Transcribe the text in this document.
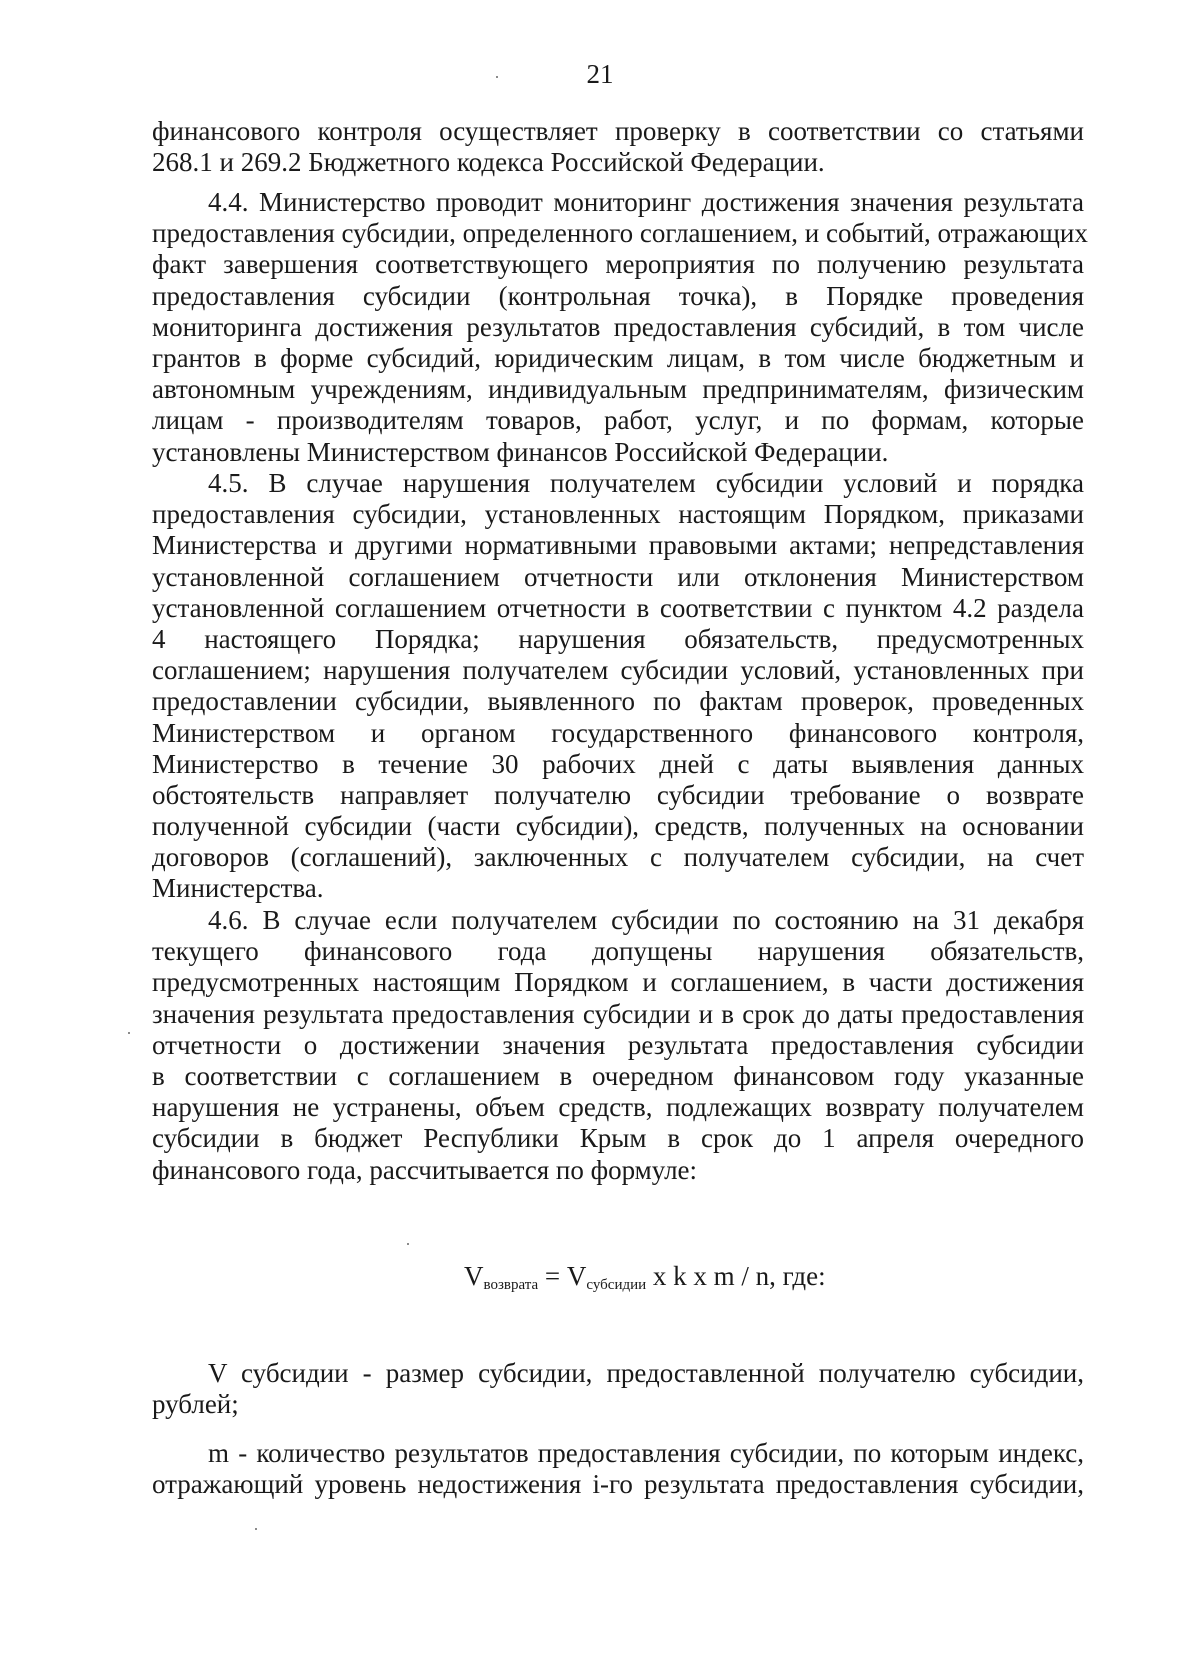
21
финансового контроля осуществляет проверку в соответствии со статьями
268.1 и 269.2 Бюджетного кодекса Российской Федерации.
4.4. Министерство проводит мониторинг достижения значения результата
предоставления субсидии, определенного соглашением, и событий, отражающих
факт завершения соответствующего мероприятия по получению результата
предоставления субсидии (контрольная точка), в Порядке проведения
мониторинга достижения результатов предоставления субсидий, в том числе
грантов в форме субсидий, юридическим лицам, в том числе бюджетным и
автономным учреждениям, индивидуальным предпринимателям, физическим
лицам - производителям товаров, работ, услуг, и по формам, которые
установлены Министерством финансов Российской Федерации.
4.5. В случае нарушения получателем субсидии условий и порядка
предоставления субсидии, установленных настоящим Порядком, приказами
Министерства и другими нормативными правовыми актами; непредставления
установленной соглашением отчетности или отклонения Министерством
установленной соглашением отчетности в соответствии с пунктом 4.2 раздела
4 настоящего Порядка; нарушения обязательств, предусмотренных
соглашением; нарушения получателем субсидии условий, установленных при
предоставлении субсидии, выявленного по фактам проверок, проведенных
Министерством и органом государственного финансового контроля,
Министерство в течение 30 рабочих дней с даты выявления данных
обстоятельств направляет получателю субсидии требование о возврате
полученной субсидии (части субсидии), средств, полученных на основании
договоров (соглашений), заключенных с получателем субсидии, на счет
Министерства.
4.6. В случае если получателем субсидии по состоянию на 31 декабря
текущего финансового года допущены нарушения обязательств,
предусмотренных настоящим Порядком и соглашением, в части достижения
значения результата предоставления субсидии и в срок до даты предоставления
отчетности о достижении значения результата предоставления субсидии
в соответствии с соглашением в очередном финансовом году указанные
нарушения не устранены, объем средств, подлежащих возврату получателем
субсидии в бюджет Республики Крым в срок до 1 апреля очередного
финансового года, рассчитывается по формуле:
$V_{возврата} = V_{субсидии}$ x k x m / n, где:
V субсидии - размер субсидии, предоставленной получателю субсидии,
рублей;
m - количество результатов предоставления субсидии, по которым индекс,
отражающий уровень недостижения i-го результата предоставления субсидии,
